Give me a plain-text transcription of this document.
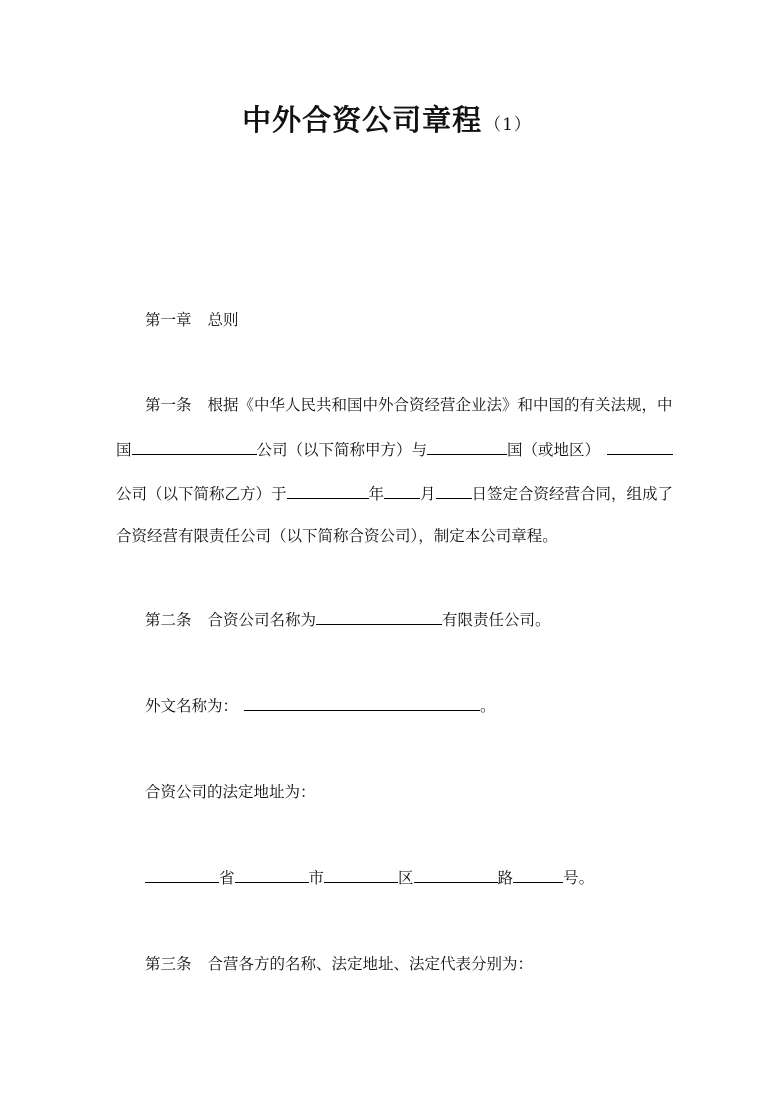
中外合资公司章程 （1）
第一章 总则
第一条 根据《中华人民共和国中外合资经营企业法》和中国的有关法规，中
国	公司（以下简称甲方）与	国（或地区）
公司（以下简称乙方）于	年 月 日签定合资经营合同，组成了
合资经营有限责任公司（以下简称合资公司），制定本公司章程。
第二条 合资公司名称为	有限责任公司。
外文名称为：	。
合资公司的法定地址为：
省	市	区	路	号。
第三条 合营各方的名称、法定地址、法定代表分别为：
